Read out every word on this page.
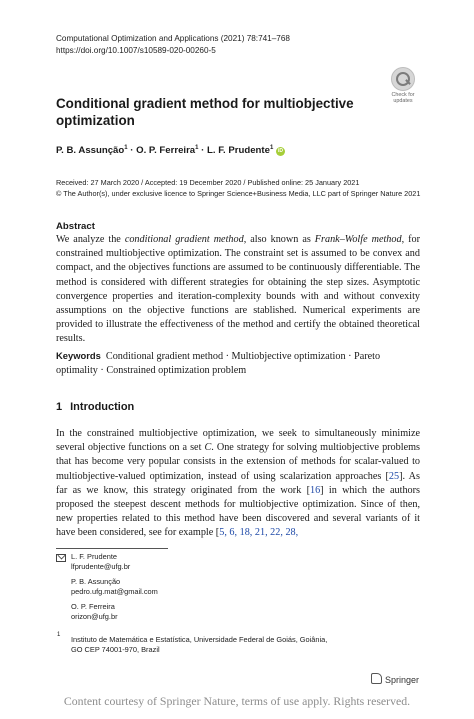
Computational Optimization and Applications (2021) 78:741–768
https://doi.org/10.1007/s10589-020-00260-5
Check for
updates
Conditional gradient method for multiobjective optimization
P. B. Assunção$^1$ · O. P. Ferreira$^1$ · L. F. Prudente$^1$ iD
Received: 27 March 2020 / Accepted: 19 December 2020 / Published online: 25 January 2021
© The Author(s), under exclusive licence to Springer Science+Business Media, LLC part of Springer Nature 2021
Abstract
We analyze the conditional gradient method, also known as Frank–Wolfe method, for constrained multiobjective optimization. The constraint set is assumed to be convex and compact, and the objectives functions are assumed to be continuously differentiable. The method is considered with different strategies for obtaining the step sizes. Asymptotic convergence properties and iteration-complexity bounds with and without convexity assumptions on the objective functions are stablished. Numerical experiments are provided to illustrate the effectiveness of the method and certify the obtained theoretical results.
Keywords Conditional gradient method · Multiobjective optimization · Pareto optimality · Constrained optimization problem
1 Introduction
In the constrained multiobjective optimization, we seek to simultaneously minimize several objective functions on a set C. One strategy for solving multiobjective problems that has become very popular consists in the extension of methods for scalar-valued to multiobjective-valued optimization, instead of using scalarization approaches [25]. As far as we know, this strategy originated from the work [16] in which the authors proposed the steepest descent methods for multiobjective optimization. Since of then, new properties related to this method have been discovered and several variants of it have been considered, see for example [5, 6, 18, 21, 22, 28,
L. F. Prudente
lfprudente@ufg.br
P. B. Assunção
pedro.ufg.mat@gmail.com
O. P. Ferreira
orizon@ufg.br
1 Instituto de Matemática e Estatística, Universidade Federal de Goiás, Goiânia,
GO CEP 74001-970, Brazil
Springer
Content courtesy of Springer Nature, terms of use apply. Rights reserved.
